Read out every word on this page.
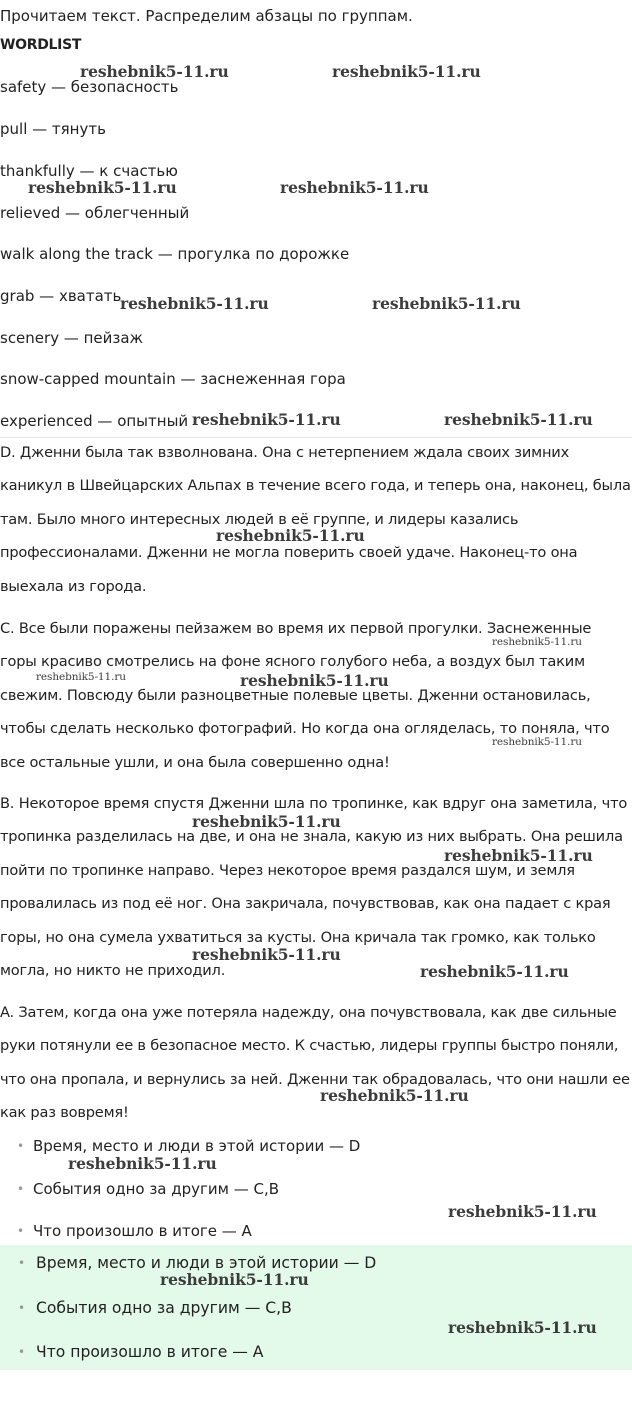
Прочитаем текст. Распределим абзацы по группам.
WORDLIST
safety — безопасность
pull — тянуть
thankfully — к счастью
relieved — облегченный
walk along the track — прогулка по дорожке
grab — хватать
scenery — пейзаж
snow-capped mountain — заснеженная гора
experienced — опытный

D. Дженни была так взволнована. Она с нетерпением ждала своих зимних каникул в Швейцарских Альпах в течение всего года, и теперь она, наконец, была там. Было много интересных людей в её группе, и лидеры казались профессионалами. Дженни не могла поверить своей удаче. Наконец-то она выехала из города.

C. Все были поражены пейзажем во время их первой прогулки. Заснеженные горы красиво смотрелись на фоне ясного голубого неба, а воздух был таким свежим. Повсюду были разноцветные полевые цветы. Дженни остановилась, чтобы сделать несколько фотографий. Но когда она огляделась, то поняла, что все остальные ушли, и она была совершенно одна!

B. Некоторое время спустя Дженни шла по тропинке, как вдруг она заметила, что тропинка разделилась на две, и она не знала, какую из них выбрать. Она решила пойти по тропинке направо. Через некоторое время раздался шум, и земля провалилась из под её ног. Она закричала, почувствовав, как она падает с края горы, но она сумела ухватиться за кусты. Она кричала так громко, как только могла, но никто не приходил.

A. Затем, когда она уже потеряла надежду, она почувствовала, как две сильные руки потянули ее в безопасное место. К счастью, лидеры группы быстро поняли, что она пропала, и вернулись за ней. Дженни так обрадовалась, что они нашли ее как раз вовремя!

• Время, место и люди в этой истории — D
• События одно за другим — C,B
• Что произошло в итоге — A
• Время, место и люди в этой истории — D
• События одно за другим — C,B
• Что произошло в итоге — A
reshebnik5-11.ru	reshebnik5-11.ru
reshebnik5-11.ru	reshebnik5-11.ru
reshebnik5-11.ru	reshebnik5-11.ru
reshebnik5-11.ru	reshebnik5-11.ru
reshebnik5-11.ru
reshebnik5-11.ru
reshebnik5-11.ru	reshebnik5-11.ru
reshebnik5-11.ru
reshebnik5-11.ru
reshebnik5-11.ru
reshebnik5-11.ru
reshebnik5-11.ru
reshebnik5-11.ru
reshebnik5-11.ru
reshebnik5-11.ru
reshebnik5-11.ru
reshebnik5-11.ru
